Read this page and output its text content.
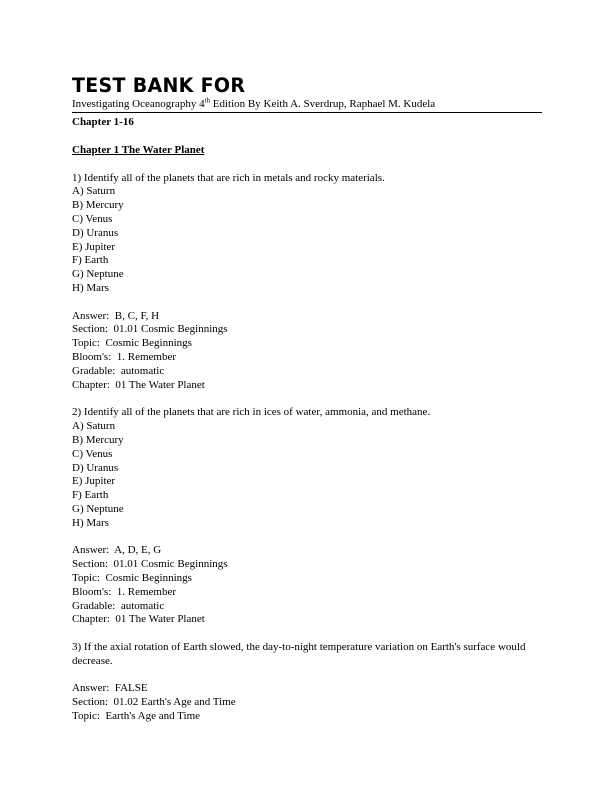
TEST BANK FOR
Investigating Oceanography 4th Edition By Keith A. Sverdrup, Raphael M. Kudela
Chapter 1-16
Chapter 1 The Water Planet
1) Identify all of the planets that are rich in metals and rocky materials.
A) Saturn
B) Mercury
C) Venus
D) Uranus
E) Jupiter
F) Earth
G) Neptune
H) Mars
Answer:  B, C, F, H
Section:  01.01 Cosmic Beginnings
Topic:  Cosmic Beginnings
Bloom's:  1. Remember
Gradable:  automatic
Chapter:  01 The Water Planet
2) Identify all of the planets that are rich in ices of water, ammonia, and methane.
A) Saturn
B) Mercury
C) Venus
D) Uranus
E) Jupiter
F) Earth
G) Neptune
H) Mars
Answer:  A, D, E, G
Section:  01.01 Cosmic Beginnings
Topic:  Cosmic Beginnings
Bloom's:  1. Remember
Gradable:  automatic
Chapter:  01 The Water Planet
3) If the axial rotation of Earth slowed, the day-to-night temperature variation on Earth's surface would decrease.
Answer:  FALSE
Section:  01.02 Earth's Age and Time
Topic:  Earth's Age and Time
